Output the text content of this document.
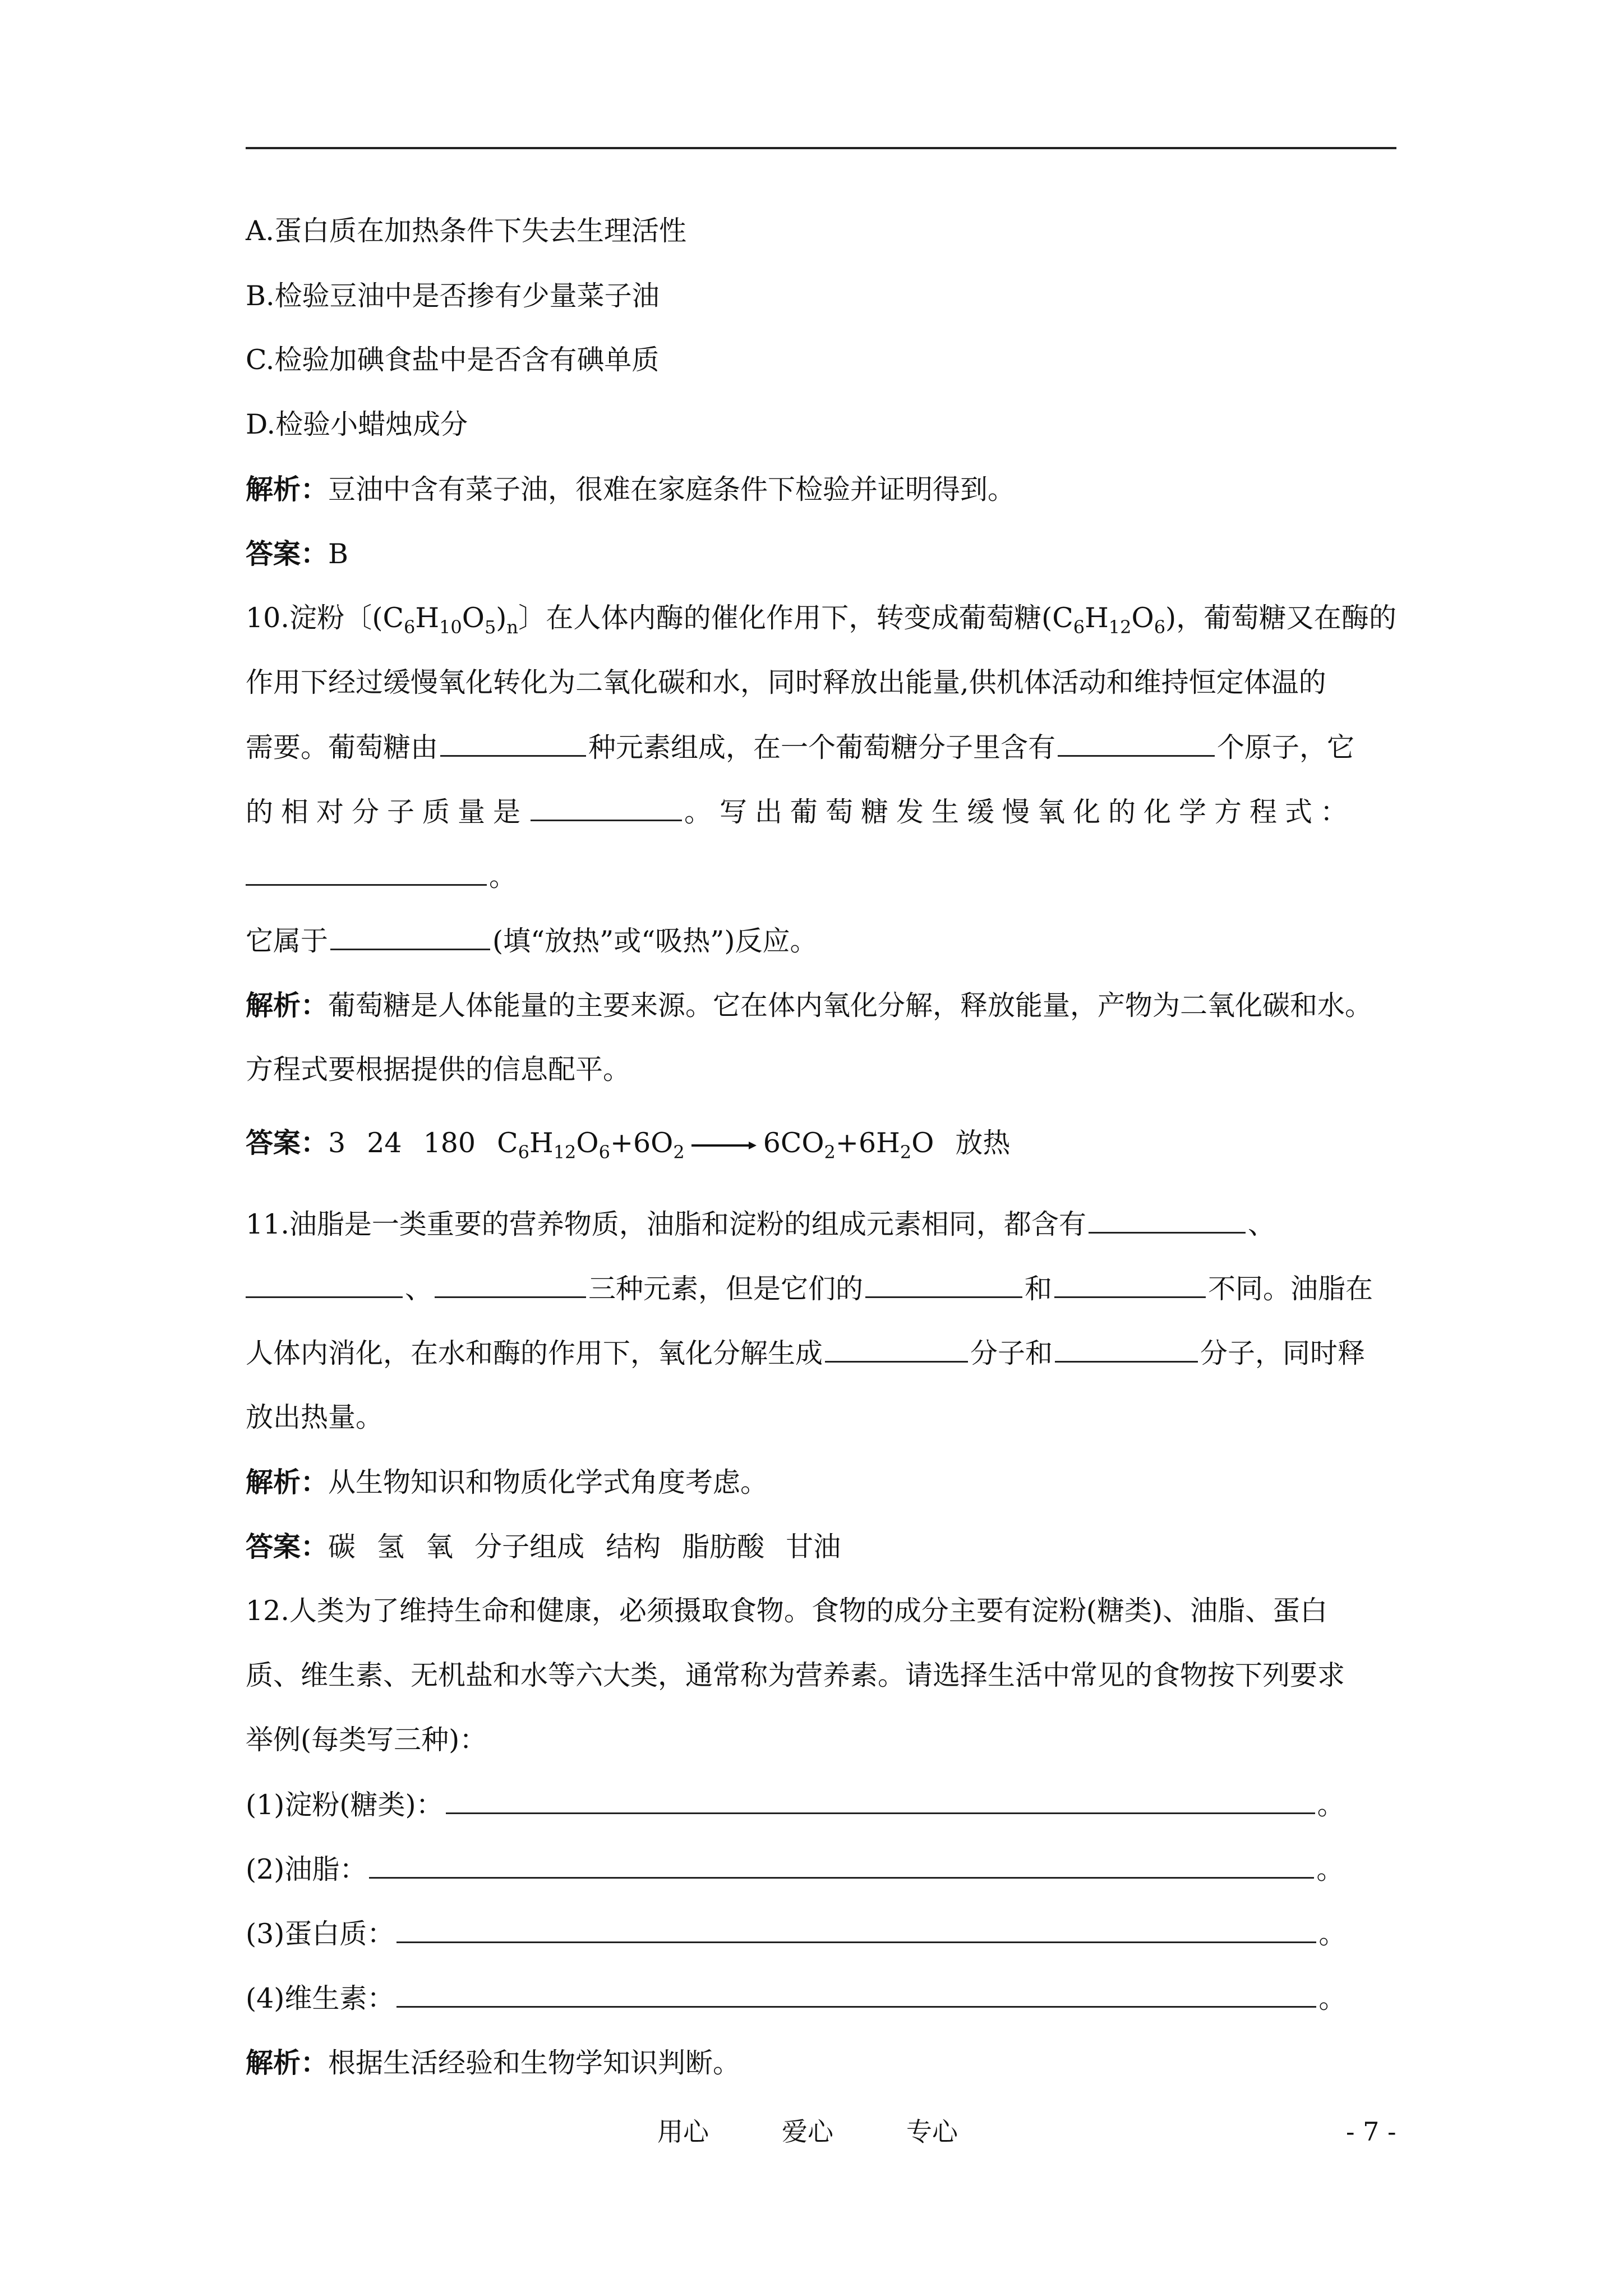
A.蛋白质在加热条件下失去生理活性
B.检验豆油中是否掺有少量菜子油
C.检验加碘食盐中是否含有碘单质
D.检验小蜡烛成分
解析：豆油中含有菜子油，很难在家庭条件下检验并证明得到。
答案：B
10.淀粉〔$(C_6H_{10}O_5)_n$〕在人体内酶的催化作用下，转变成葡萄糖$(C_6H_{12}O_6)$，葡萄糖又在酶的
作用下经过缓慢氧化转化为二氧化碳和水，同时释放出能量,供机体活动和维持恒定体温的
需要。葡萄糖由	种元素组成，在一个葡萄糖分子里含有	个原子，它
的相对分子质量是	。写出葡萄糖发生缓慢氧化的化学方程式：
。
它属于	(填“放热”或“吸热”)反应。
解析：葡萄糖是人体能量的主要来源。它在体内氧化分解，释放能量，产物为二氧化碳和水。
方程式要根据提供的信息配平。
答案：3 24 180 $C_6H_{12}O_6+6O_2 \to 6CO_2+6H_2O$ 放热
11.油脂是一类重要的营养物质，油脂和淀粉的组成元素相同，都含有	、
、	三种元素，但是它们的	和	不同。油脂在
人体内消化，在水和酶的作用下，氧化分解生成	分子和	分子，同时释
放出热量。
解析：从生物知识和物质化学式角度考虑。
答案：碳 氢 氧 分子组成 结构 脂肪酸 甘油
12.人类为了维持生命和健康，必须摄取食物。食物的成分主要有淀粉(糖类)、油脂、蛋白
质、维生素、无机盐和水等六大类，通常称为营养素。请选择生活中常见的食物按下列要求
举例(每类写三种)：
(1)淀粉(糖类)：	。
(2)油脂：	。
(3)蛋白质：	。
(4)维生素：	。
解析：根据生活经验和生物学知识判断。
用心	爱心	专心	- 7 -
